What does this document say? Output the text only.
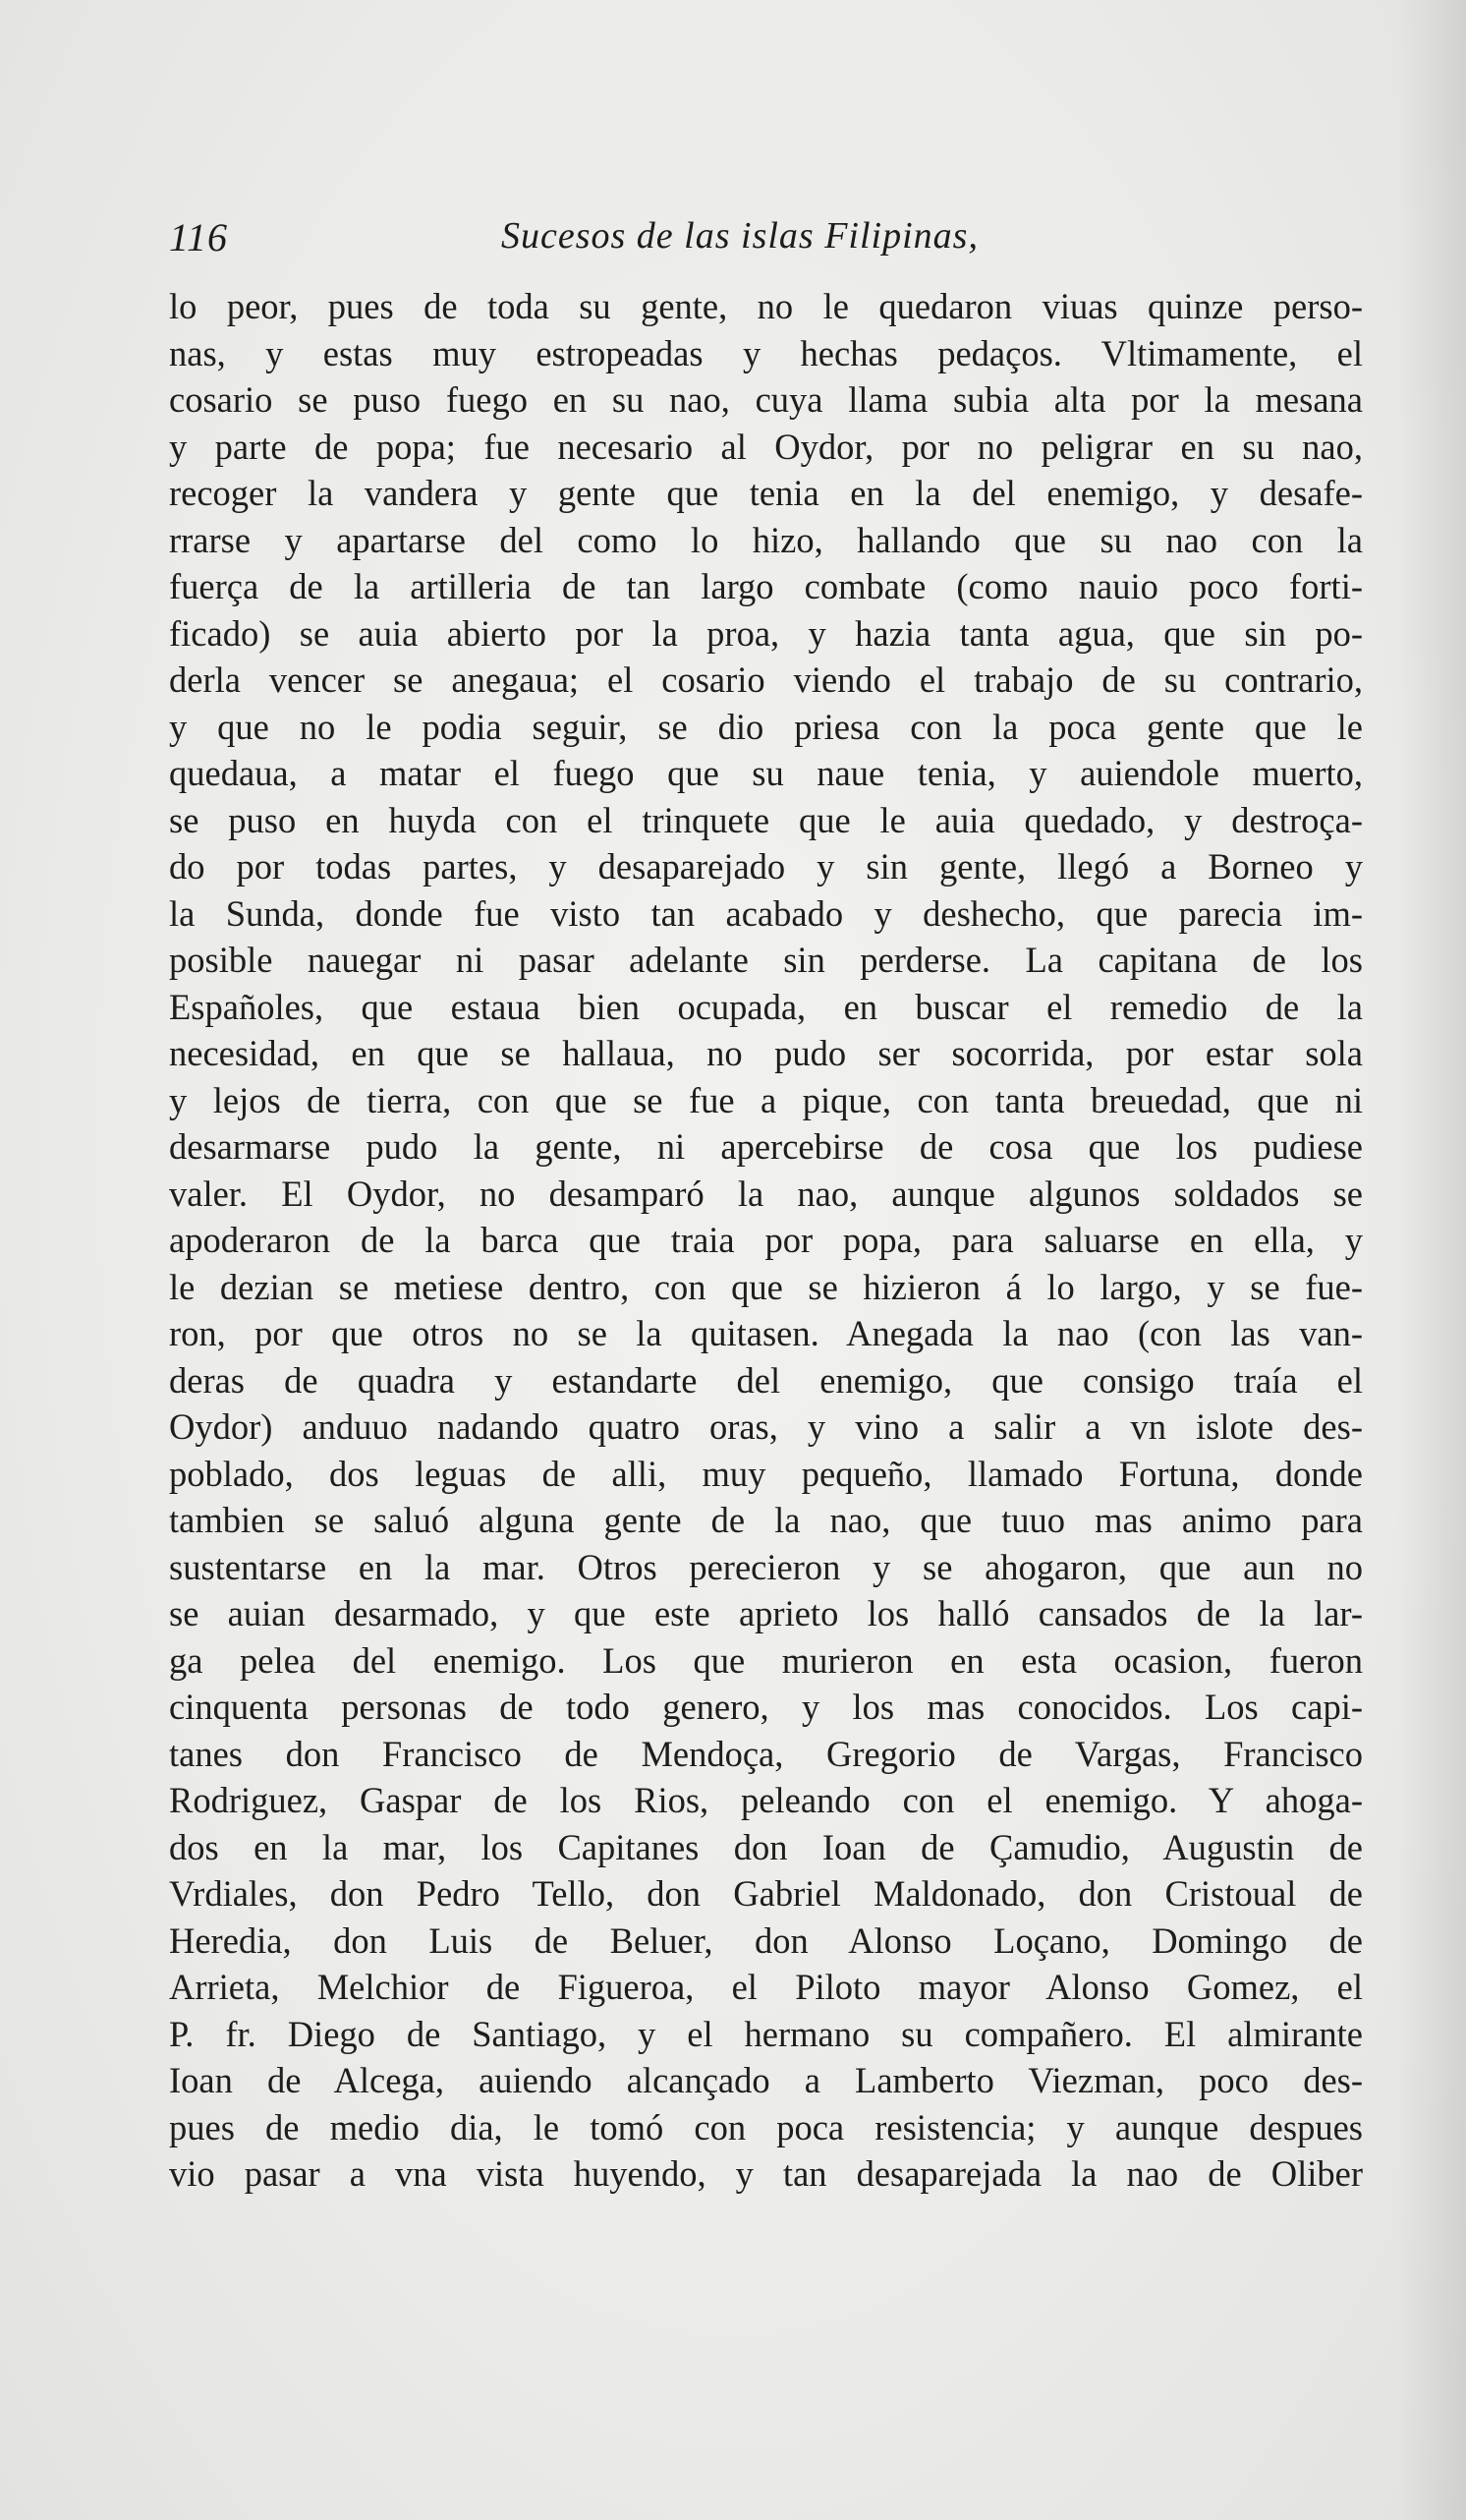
116	Sucesos de las islas Filipinas,
lo peor, pues de toda su gente, no le quedaron viuas quinze perso-
nas, y estas muy estropeadas y hechas pedaços. Vltimamente, el
cosario se puso fuego en su nao, cuya llama subia alta por la mesana
y parte de popa; fue necesario al Oydor, por no peligrar en su nao,
recoger la vandera y gente que tenia en la del enemigo, y desafe-
rrarse y apartarse del como lo hizo, hallando que su nao con la
fuerça de la artilleria de tan largo combate (como nauio poco forti-
ficado) se auia abierto por la proa, y hazia tanta agua, que sin po-
derla vencer se anegaua; el cosario viendo el trabajo de su contrario,
y que no le podia seguir, se dio priesa con la poca gente que le
quedaua, a matar el fuego que su naue tenia, y auiendole muerto,
se puso en huyda con el trinquete que le auia quedado, y destroça-
do por todas partes, y desaparejado y sin gente, llegó a Borneo y
la Sunda, donde fue visto tan acabado y deshecho, que parecia im-
posible nauegar ni pasar adelante sin perderse. La capitana de los
Españoles, que estaua bien ocupada, en buscar el remedio de la
necesidad, en que se hallaua, no pudo ser socorrida, por estar sola
y lejos de tierra, con que se fue a pique, con tanta breuedad, que ni
desarmarse pudo la gente, ni apercebirse de cosa que los pudiese
valer. El Oydor, no desamparó la nao, aunque algunos soldados se
apoderaron de la barca que traia por popa, para saluarse en ella, y
le dezian se metiese dentro, con que se hizieron á lo largo, y se fue-
ron, por que otros no se la quitasen. Anegada la nao (con las van-
deras de quadra y estandarte del enemigo, que consigo traía el
Oydor) anduuo nadando quatro oras, y vino a salir a vn islote des-
poblado, dos leguas de alli, muy pequeño, llamado Fortuna, donde
tambien se saluó alguna gente de la nao, que tuuo mas animo para
sustentarse en la mar. Otros perecieron y se ahogaron, que aun no
se auian desarmado, y que este aprieto los halló cansados de la lar-
ga pelea del enemigo. Los que murieron en esta ocasion, fueron
cinquenta personas de todo genero, y los mas conocidos. Los capi-
tanes don Francisco de Mendoça, Gregorio de Vargas, Francisco
Rodriguez, Gaspar de los Rios, peleando con el enemigo. Y ahoga-
dos en la mar, los Capitanes don Ioan de Çamudio, Augustin de
Vrdiales, don Pedro Tello, don Gabriel Maldonado, don Cristoual de
Heredia, don Luis de Beluer, don Alonso Loçano, Domingo de
Arrieta, Melchior de Figueroa, el Piloto mayor Alonso Gomez, el
P. fr. Diego de Santiago, y el hermano su compañero. El almirante
Ioan de Alcega, auiendo alcançado a Lamberto Viezman, poco des-
pues de medio dia, le tomó con poca resistencia; y aunque despues
vio pasar a vna vista huyendo, y tan desaparejada la nao de Oliber
